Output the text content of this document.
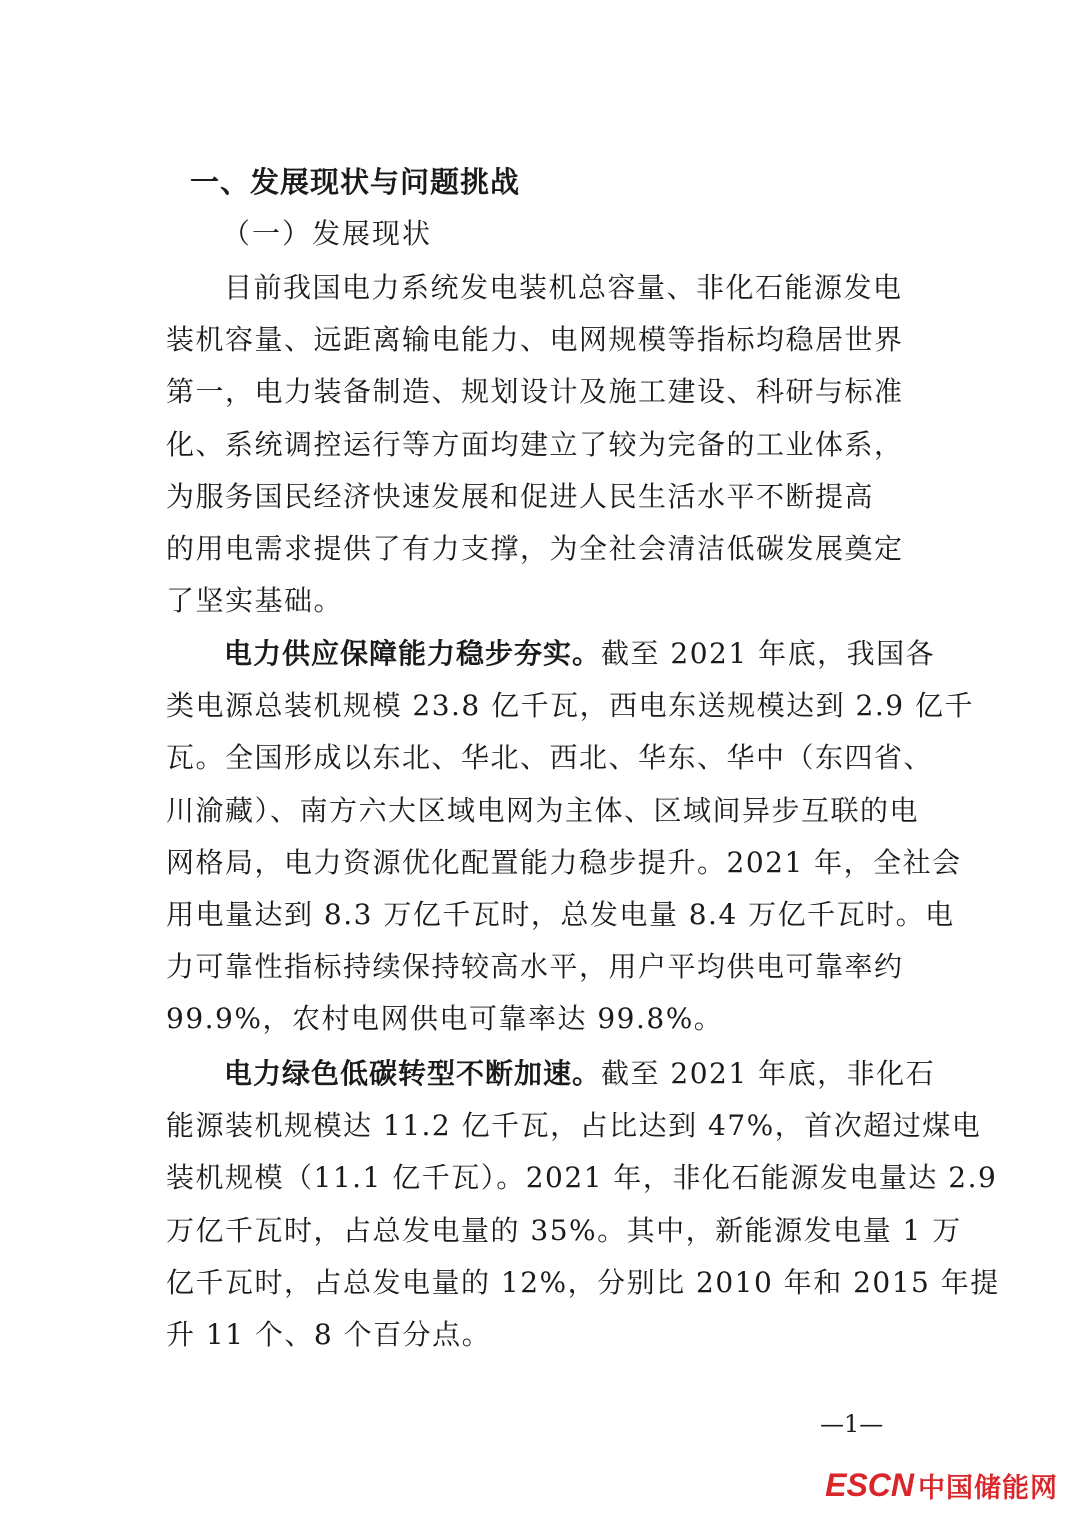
一、发展现状与问题挑战
（一）发展现状
目前我国电力系统发电装机总容量、非化石能源发电
装机容量、远距离输电能力、电网规模等指标均稳居世界
第一，电力装备制造、规划设计及施工建设、科研与标准
化、系统调控运行等方面均建立了较为完备的工业体系，
为服务国民经济快速发展和促进人民生活水平不断提高
的用电需求提供了有力支撑，为全社会清洁低碳发展奠定
了坚实基础。
电力供应保障能力稳步夯实。截至 2021 年底，我国各
类电源总装机规模 23.8 亿千瓦，西电东送规模达到 2.9 亿千
瓦。全国形成以东北、华北、西北、华东、华中（东四省、
川渝藏）、南方六大区域电网为主体、区域间异步互联的电
网格局，电力资源优化配置能力稳步提升。2021 年，全社会
用电量达到 8.3 万亿千瓦时，总发电量 8.4 万亿千瓦时。电
力可靠性指标持续保持较高水平，用户平均供电可靠率约
99.9%，农村电网供电可靠率达 99.8%。
电力绿色低碳转型不断加速。截至 2021 年底，非化石
能源装机规模达 11.2 亿千瓦，占比达到 47%，首次超过煤电
装机规模（11.1 亿千瓦）。2021 年，非化石能源发电量达 2.9
万亿千瓦时，占总发电量的 35%。其中，新能源发电量 1 万
亿千瓦时，占总发电量的 12%，分别比 2010 年和 2015 年提
升 11 个、8 个百分点。
—1—
ESCN 中国储能网
